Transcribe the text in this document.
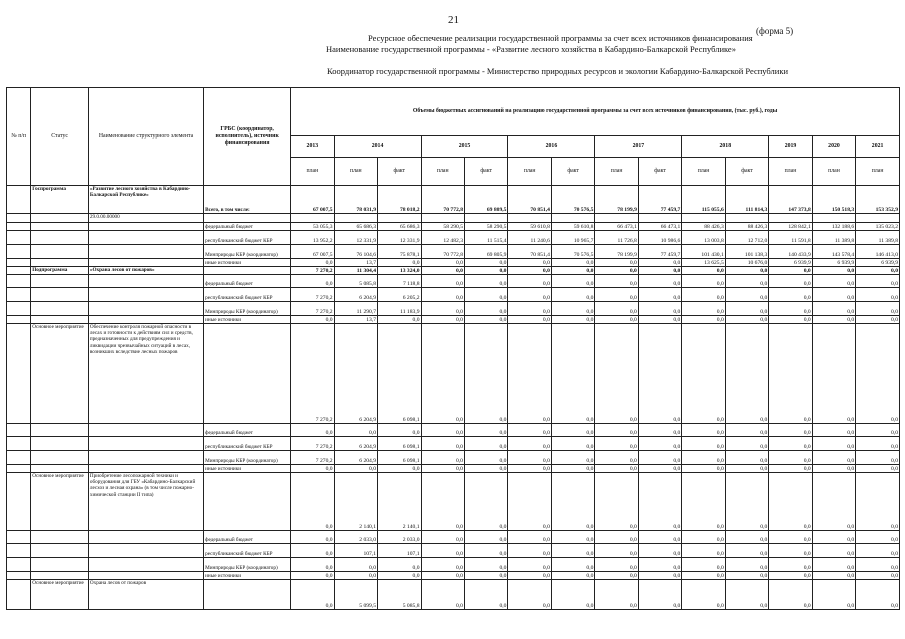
21
(форма 5)
Ресурсное обеспечение реализации государственной программы за счет всех источников финансирования
Наименование государственной программы - «Развитие лесного хозяйства в Кабардино-Балкарской Республике»
Координатор государственной программы - Министерство природных ресурсов и экологии Кабардино-Балкарской Республики
№ п/п	Статус	Наименование структурного элемента	ГРБС (координатор, исполнитель), источник финансирования	Объемы бюджетных ассигнований на реализацию государственной программы за счет всех источников финансирования, (тыс. руб.), годы													
				2013	2014		2015		2016		2017		2018		2019	2020	2021
				план	план	факт	план	факт	план	факт	план	факт	план	факт	план	план	план
	Госпрограмма	«Развитие лесного хозяйства в Кабардино-Балкарской Республике»	Всего, в том числе:	67 007,5	78 031,9	78 018,2	70 772,8	69 809,5	70 851,4	70 576,5	78 199,9	77 459,7	115 055,6	111 814,3	147 373,8	150 518,3	153 352,9
		29.0.00.00000															
			федеральный бюджет	53 055,3	65 686,3	65 686,3	58 290,5	58 290,5	59 610,8	59 610,8	66 473,1	66 473,1	88 426,3	88 426,3	128 842,1	132 188,6	135 023,2
			республиканский бюджет КБР	13 952,2	12 331,9	12 331,9	12 482,3	11 515,4	11 240,6	10 965,7	11 726,8	10 986,6	13 003,8	12 712,0	11 591,8	11 389,8	11 389,8
			Минприроды КБР (координатор)	67 007,5	76 104,6	75 878,1	70 772,8	69 805,9	70 851,4	70 576,5	78 199,9	77 459,7	101 430,1	101 138,3	140 433,9	143 578,4	146 413,0
			иные источники	0,0	13,7	0,0	0,0	0,0	0,0	0,0	0,0	0,0	13 625,5	10 676,0	6 939,9	6 939,9	6 939,9
	Подпрограмма	«Охрана лесов от пожаров»		7 270,2	11 304,4	13 324,0	0,0	0,0	0,0	0,0	0,0	0,0	0,0	0,0	0,0	0,0	0,0
			федеральный бюджет	0,0	5 085,8	7 118,8	0,0	0,0	0,0	0,0	0,0	0,0	0,0	0,0	0,0	0,0	0,0
			республиканский бюджет КБР	7 270,2	6 204,9	6 205,2	0,0	0,0	0,0	0,0	0,0	0,0	0,0	0,0	0,0	0,0	0,0
			Минприроды КБР (координатор)	7 270,2	11 290,7	11 183,9	0,0	0,0	0,0	0,0	0,0	0,0	0,0	0,0	0,0	0,0	0,0
			иные источники	0,0	13,7	0,0	0,0	0,0	0,0	0,0	0,0	0,0	0,0	0,0	0,0	0,0	0,0
	Основное мероприятие	Обеспечение контроля пожарной опасности в лесах и готовности к действиям сил и средств, предназначенных для предупреждения и ликвидации чрезвычайных ситуаций в лесах, возникших вследствие лесных пожаров		7 270,2	6 204,9	6 098,1	0,0	0,0	0,0	0,0	0,0	0,0	0,0	0,0	0,0	0,0	0,0
			федеральный бюджет	0,0	0,0	0,0	0,0	0,0	0,0	0,0	0,0	0,0	0,0	0,0	0,0	0,0	0,0
			республиканский бюджет КБР	7 270,2	6 204,9	6 098,1	0,0	0,0	0,0	0,0	0,0	0,0	0,0	0,0	0,0	0,0	0,0
			Минприроды КБР (координатор)	7 270,2	6 204,9	6 098,1	0,0	0,0	0,0	0,0	0,0	0,0	0,0	0,0	0,0	0,0	0,0
			иные источники	0,0	0,0	0,0	0,0	0,0	0,0	0,0	0,0	0,0	0,0	0,0	0,0	0,0	0,0
	Основное мероприятие	Приобретение лесопожарной техники и оборудования для ГБУ «Кабардино-Балкарский лесхоз и лесная охрана» (в том числе пожарно-химической станции II типа)		0,0	2 140,1	2 140,1	0,0	0,0	0,0	0,0	0,0	0,0	0,0	0,0	0,0	0,0	0,0
			федеральный бюджет	0,0	2 033,0	2 033,0	0,0	0,0	0,0	0,0	0,0	0,0	0,0	0,0	0,0	0,0	0,0
			республиканский бюджет КБР	0,0	107,1	107,1	0,0	0,0	0,0	0,0	0,0	0,0	0,0	0,0	0,0	0,0	0,0
			Минприроды КБР (координатор)	0,0	0,0	0,0	0,0	0,0	0,0	0,0	0,0	0,0	0,0	0,0	0,0	0,0	0,0
			иные источники	0,0	0,0	0,0	0,0	0,0	0,0	0,0	0,0	0,0	0,0	0,0	0,0	0,0	0,0
	Основное мероприятие	Охрана лесов от пожаров		0,0	5 099,5	5 085,8	0,0	0,0	0,0	0,0	0,0	0,0	0,0	0,0	0,0	0,0	0,0
